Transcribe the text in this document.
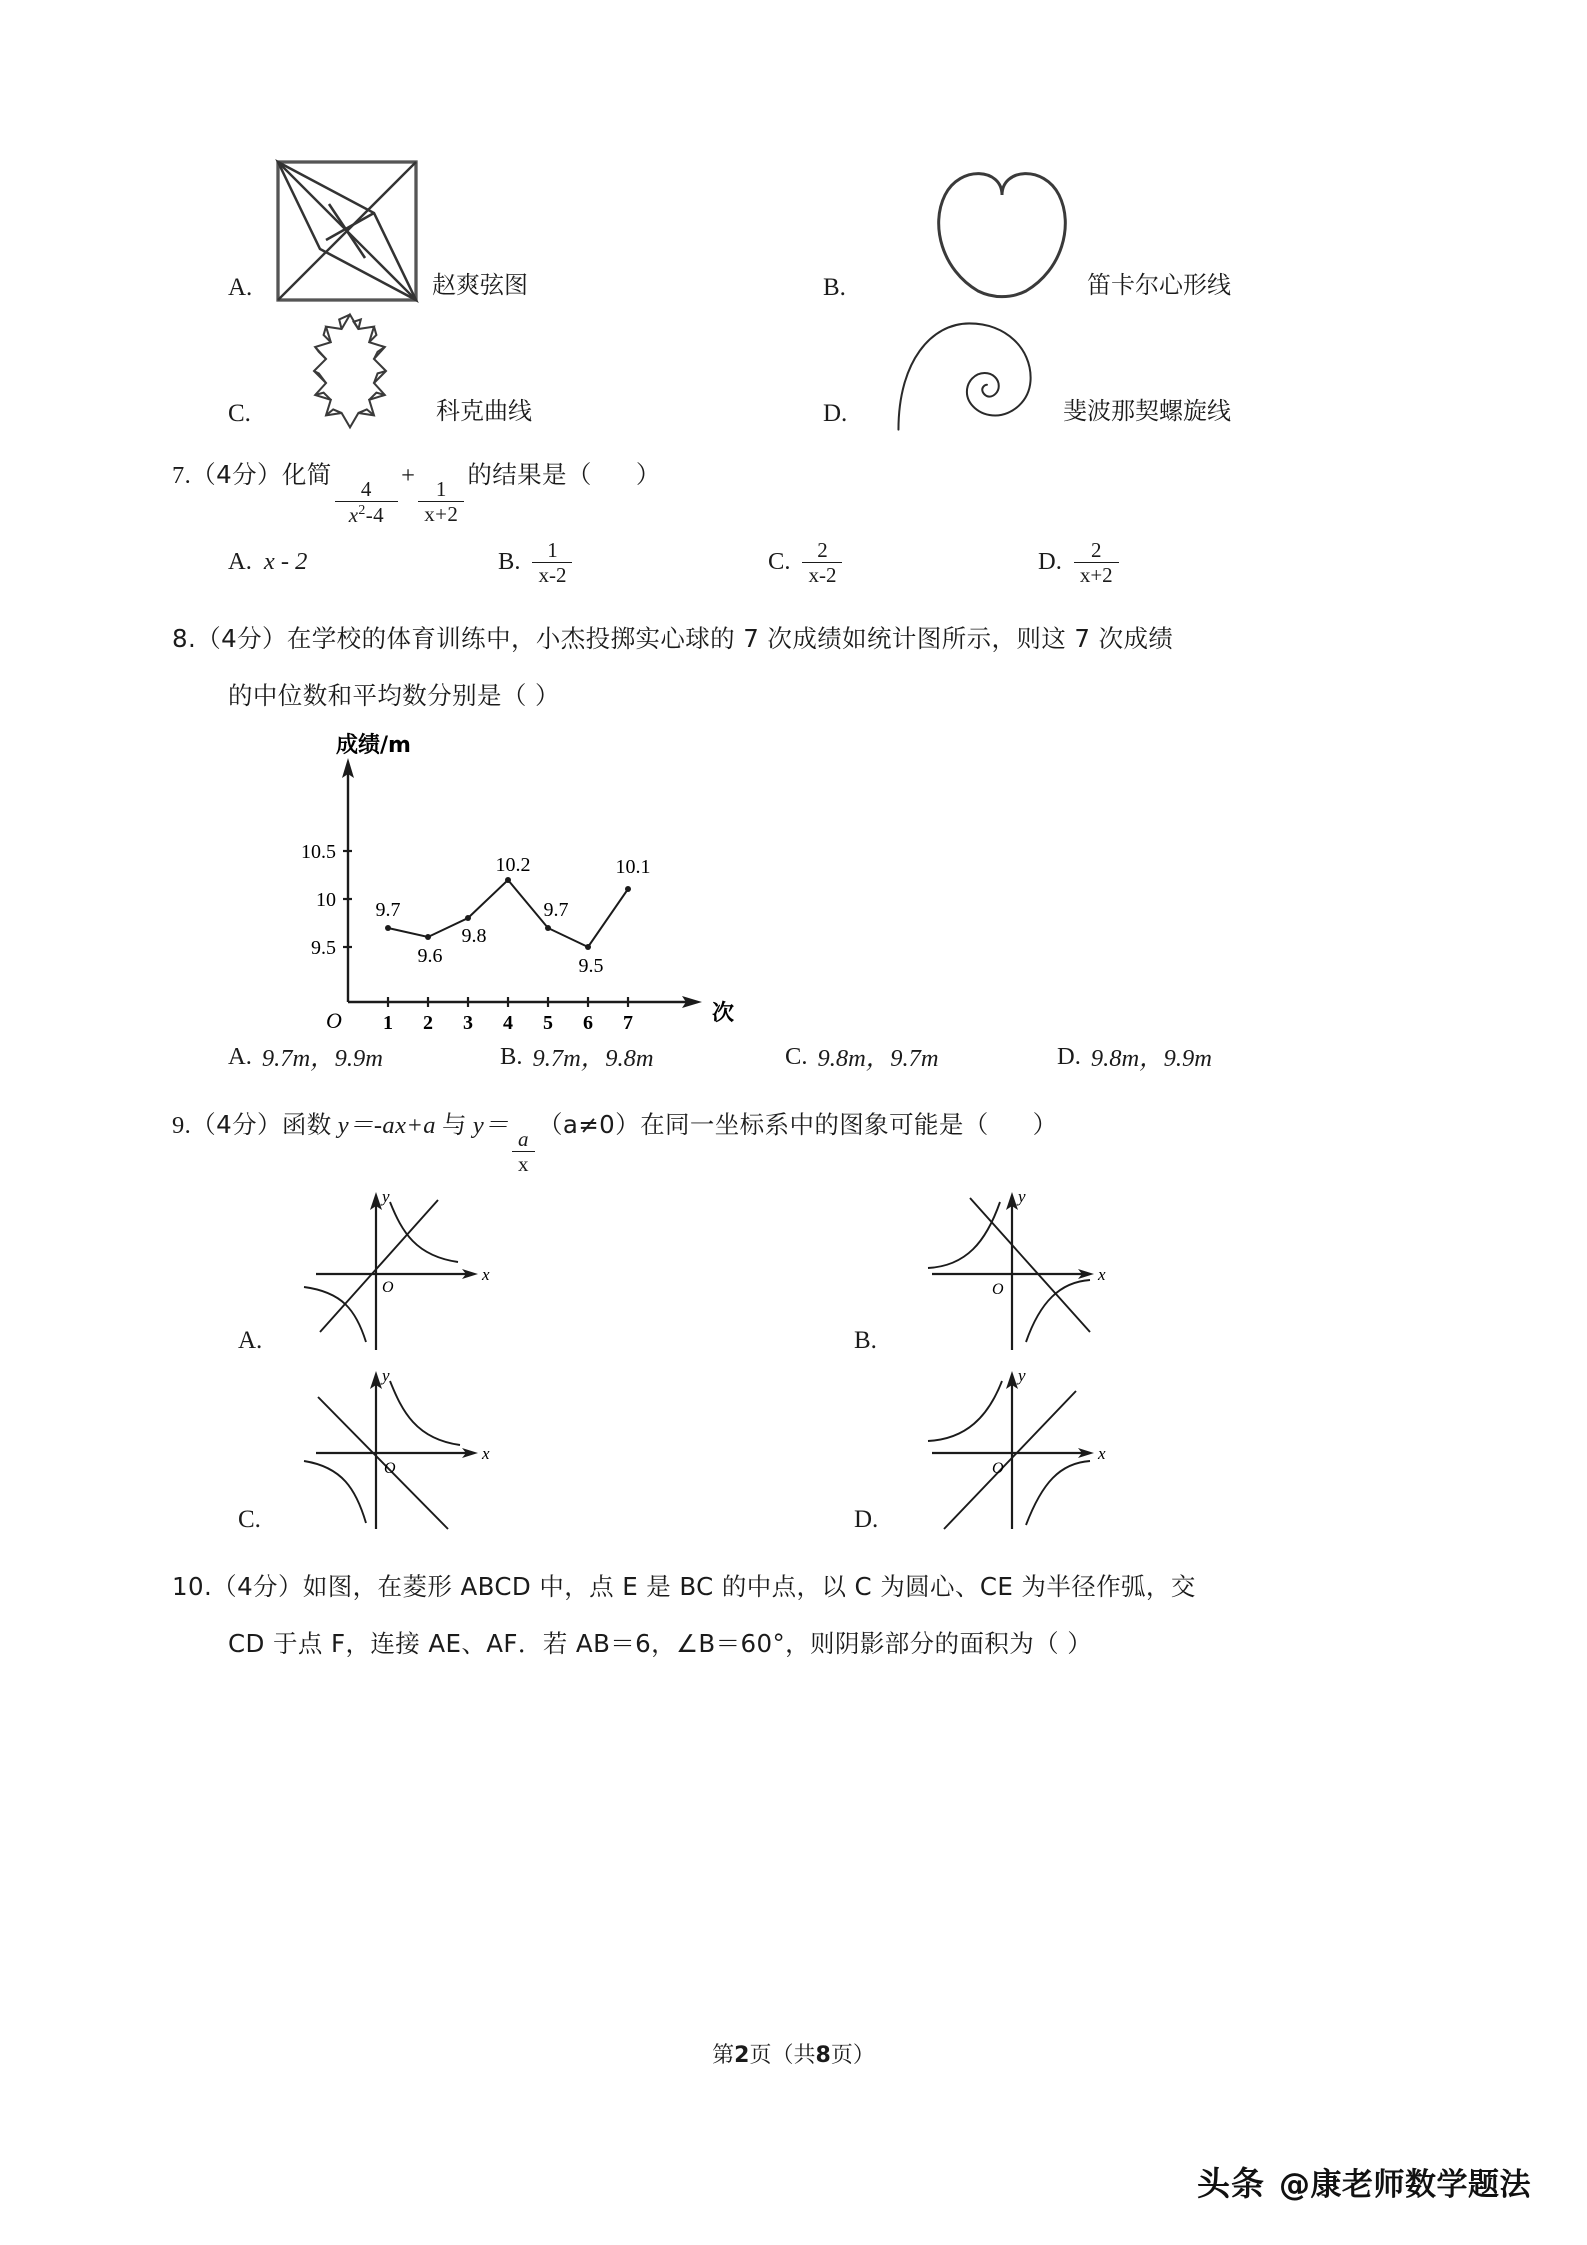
A.	赵爽弦图	B.	笛卡尔心形线
C.	科克曲线	D.	斐波那契螺旋线
7.（4分）化简
$\frac{4}{x^2-4}$
+
$\frac{1}{x+2}$
的结果是（ ）
A. x - 2	B. $\frac{1}{x-2}$	C. $\frac{2}{x-2}$	D. $\frac{2}{x+2}$
8.（4分）在学校的体育训练中，小杰投掷实心球的 7 次成绩如统计图所示，则这 7 次成绩
的中位数和平均数分别是（ ）
10.5
10
9.5
1 2 3 4 5 6 7
9.7
9.6
9.8
10.2
9.7
9.5
10.1
成绩/m
次
O
A. 9.7m，9.9m	B. 9.7m，9.8m	C. 9.8m，9.7m	D. 9.8m，9.9m
9.（4分）函数 y＝-ax+a 与 y＝
$\frac{a}{x}$
（a≠0）在同一坐标系中的图象可能是（ ）
A.
y
x
O
B.
y
x
O
C.
y
x
O
D.
y
x
O
10.（4分）如图，在菱形 ABCD 中，点 E 是 BC 的中点，以 C 为圆心、CE 为半径作弧，交
CD 于点 F，连接 AE、AF．若 AB＝6，∠B＝60°，则阴影部分的面积为（ ）
第2页（共8页）
头条 @康老师数学题法
